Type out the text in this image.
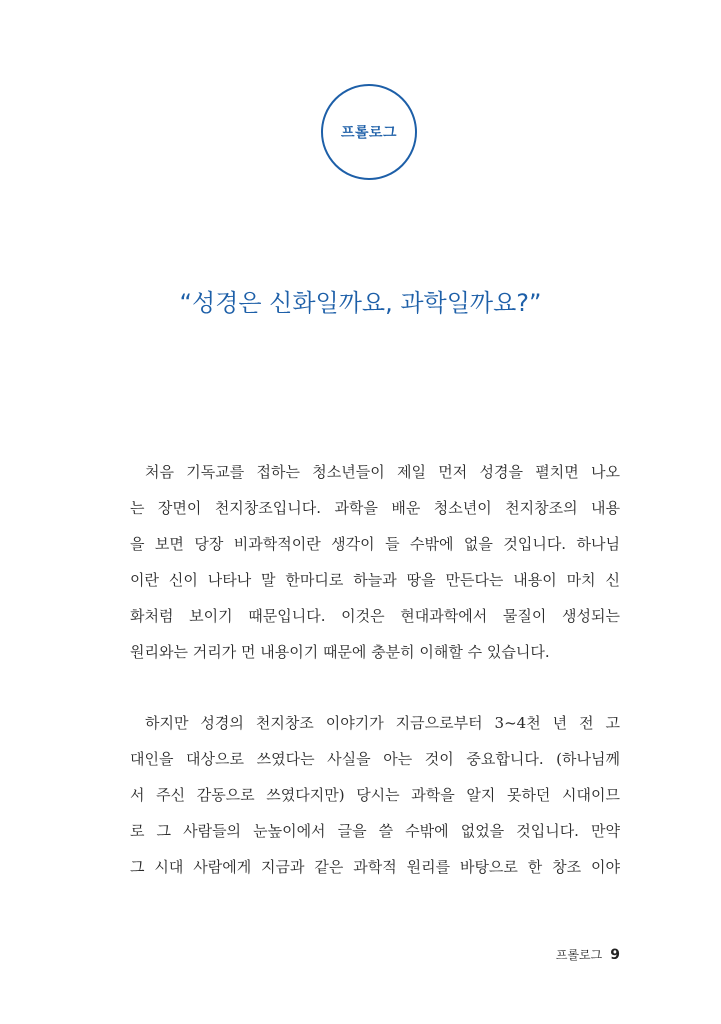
프롤로그
“성경은 신화일까요, 과학일까요?”
처음 기독교를 접하는 청소년들이 제일 먼저 성경을 펼치면 나오
는 장면이 천지창조입니다. 과학을 배운 청소년이 천지창조의 내용
을 보면 당장 비과학적이란 생각이 들 수밖에 없을 것입니다. 하나님
이란 신이 나타나 말 한마디로 하늘과 땅을 만든다는 내용이 마치 신
화처럼 보이기 때문입니다. 이것은 현대과학에서 물질이 생성되는
원리와는 거리가 먼 내용이기 때문에 충분히 이해할 수 있습니다.
하지만 성경의 천지창조 이야기가 지금으로부터 3~4천 년 전 고
대인을 대상으로 쓰였다는 사실을 아는 것이 중요합니다. (하나님께
서 주신 감동으로 쓰였다지만) 당시는 과학을 알지 못하던 시대이므
로 그 사람들의 눈높이에서 글을 쓸 수밖에 없었을 것입니다. 만약
그 시대 사람에게 지금과 같은 과학적 원리를 바탕으로 한 창조 이야
프롤로그 9
